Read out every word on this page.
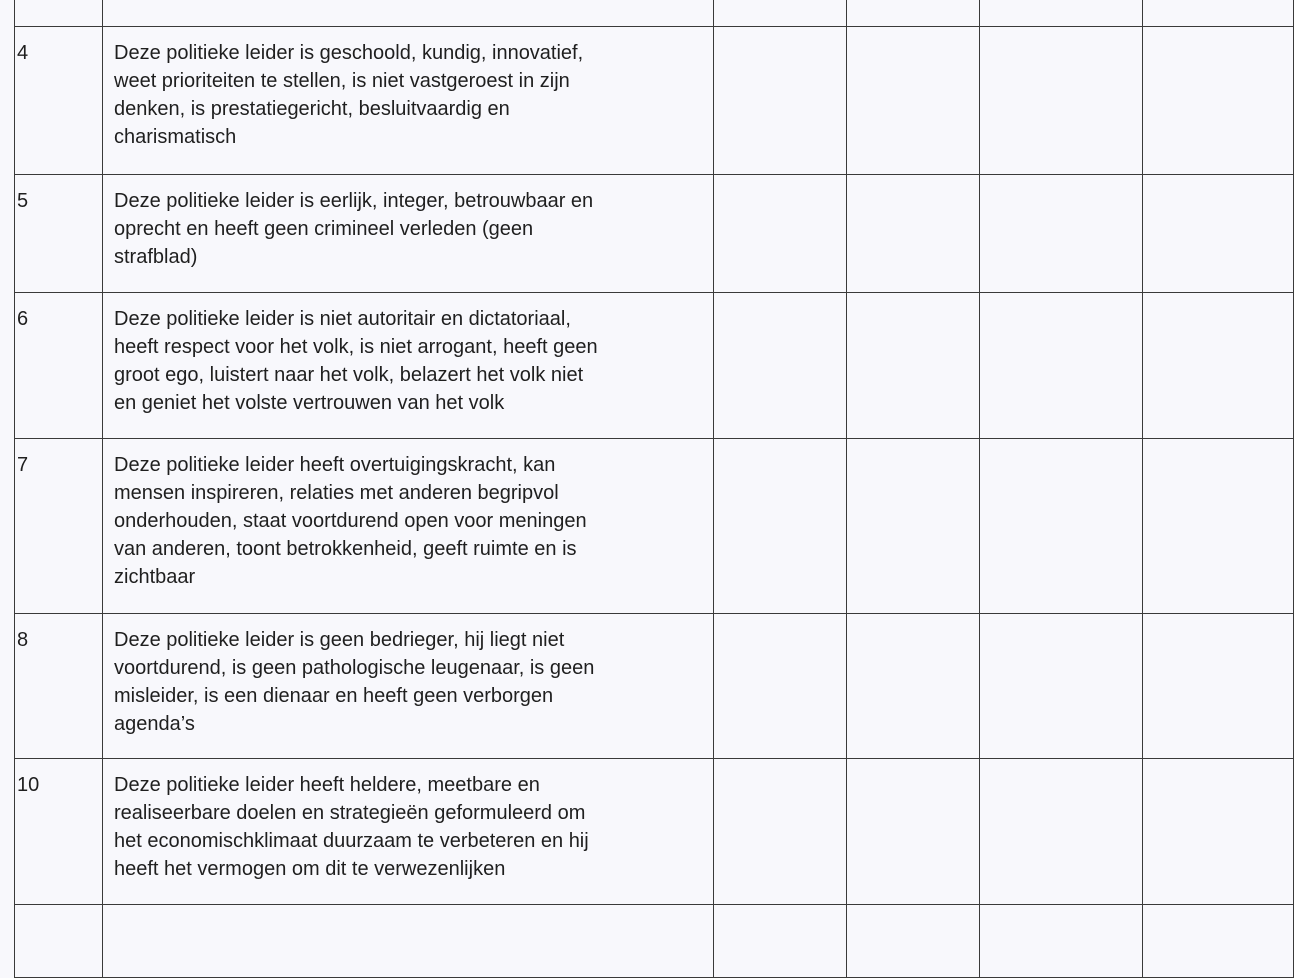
4	Deze politieke leider is geschoold, kundig, innovatief,
weet prioriteiten te stellen, is niet vastgeroest in zijn
denken, is prestatiegericht, besluitvaardig en
charismatisch				
5	Deze politieke leider is eerlijk, integer, betrouwbaar en
oprecht en heeft geen crimineel verleden (geen
strafblad)				
6	Deze politieke leider is niet autoritair en dictatoriaal,
heeft respect voor het volk, is niet arrogant, heeft geen
groot ego, luistert naar het volk, belazert het volk niet
en geniet het volste vertrouwen van het volk				
7	Deze politieke leider heeft overtuigingskracht, kan
mensen inspireren, relaties met anderen begripvol
onderhouden, staat voortdurend open voor meningen
van anderen, toont betrokkenheid, geeft ruimte en is
zichtbaar				
8	Deze politieke leider is geen bedrieger, hij liegt niet
voortdurend, is geen pathologische leugenaar, is geen
misleider, is een dienaar en heeft geen verborgen
agenda’s				
10	Deze politieke leider heeft heldere, meetbare en
realiseerbare doelen en strategieën geformuleerd om
het economischklimaat duurzaam te verbeteren en hij
heeft het vermogen om dit te verwezenlijken				
